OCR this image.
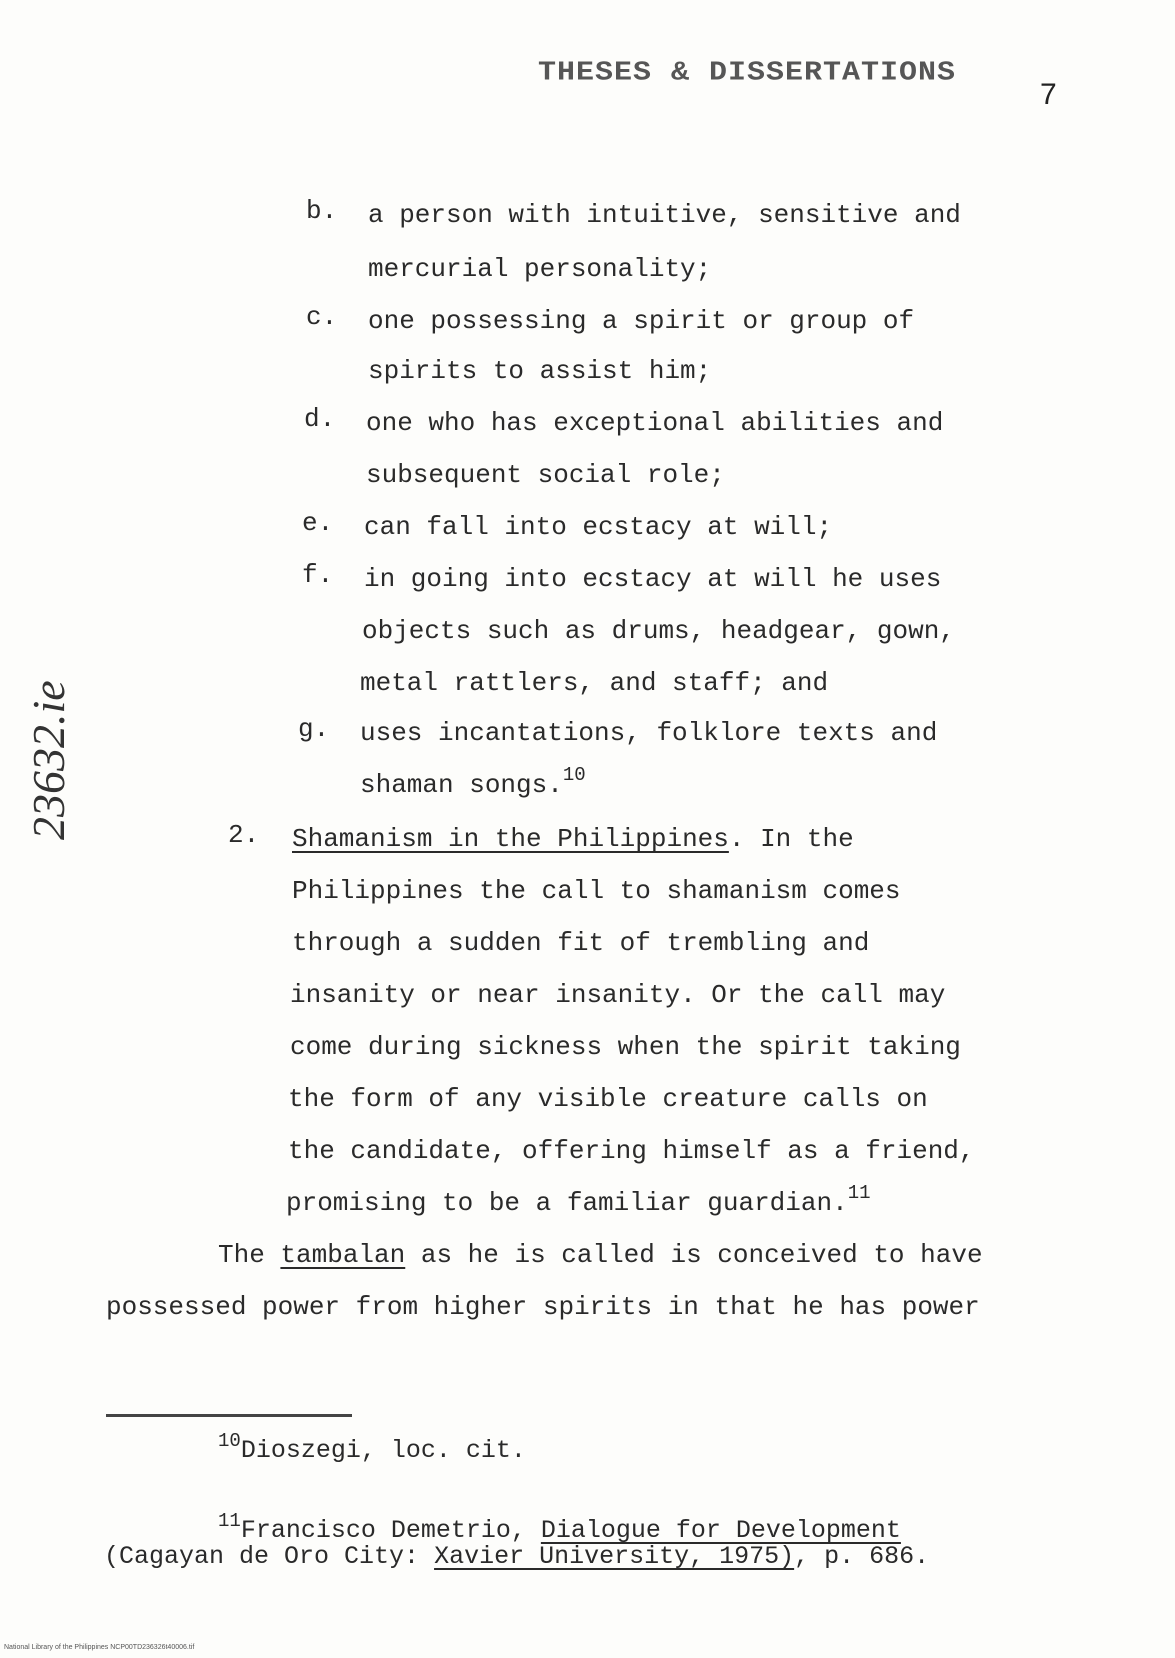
THESES & DISSERTATIONS
7
b. a person with intuitive, sensitive and
mercurial personality;
c. one possessing a spirit or group of
spirits to assist him;
d. one who has exceptional abilities and
subsequent social role;
e. can fall into ecstacy at will;
f. in going into ecstacy at will he uses
objects such as drums, headgear, gown,
metal rattlers, and staff; and
g. uses incantations, folklore texts and
shaman songs.$^{10}$
2. Shamanism in the Philippines. In the
Philippines the call to shamanism comes
through a sudden fit of trembling and
insanity or near insanity. Or the call may
come during sickness when the spirit taking
the form of any visible creature calls on
the candidate, offering himself as a friend,
promising to be a familiar guardian.$^{11}$
The tambalan as he is called is conceived to have
possessed power from higher spirits in that he has power
$^{10}$Dioszegi, loc. cit.
$^{11}$Francisco Demetrio, Dialogue for Development
(Cagayan de Oro City: Xavier University, 1975), p. 686.
23632.ie
National Library of the Philippines NCP00TD236326t40006.tif
